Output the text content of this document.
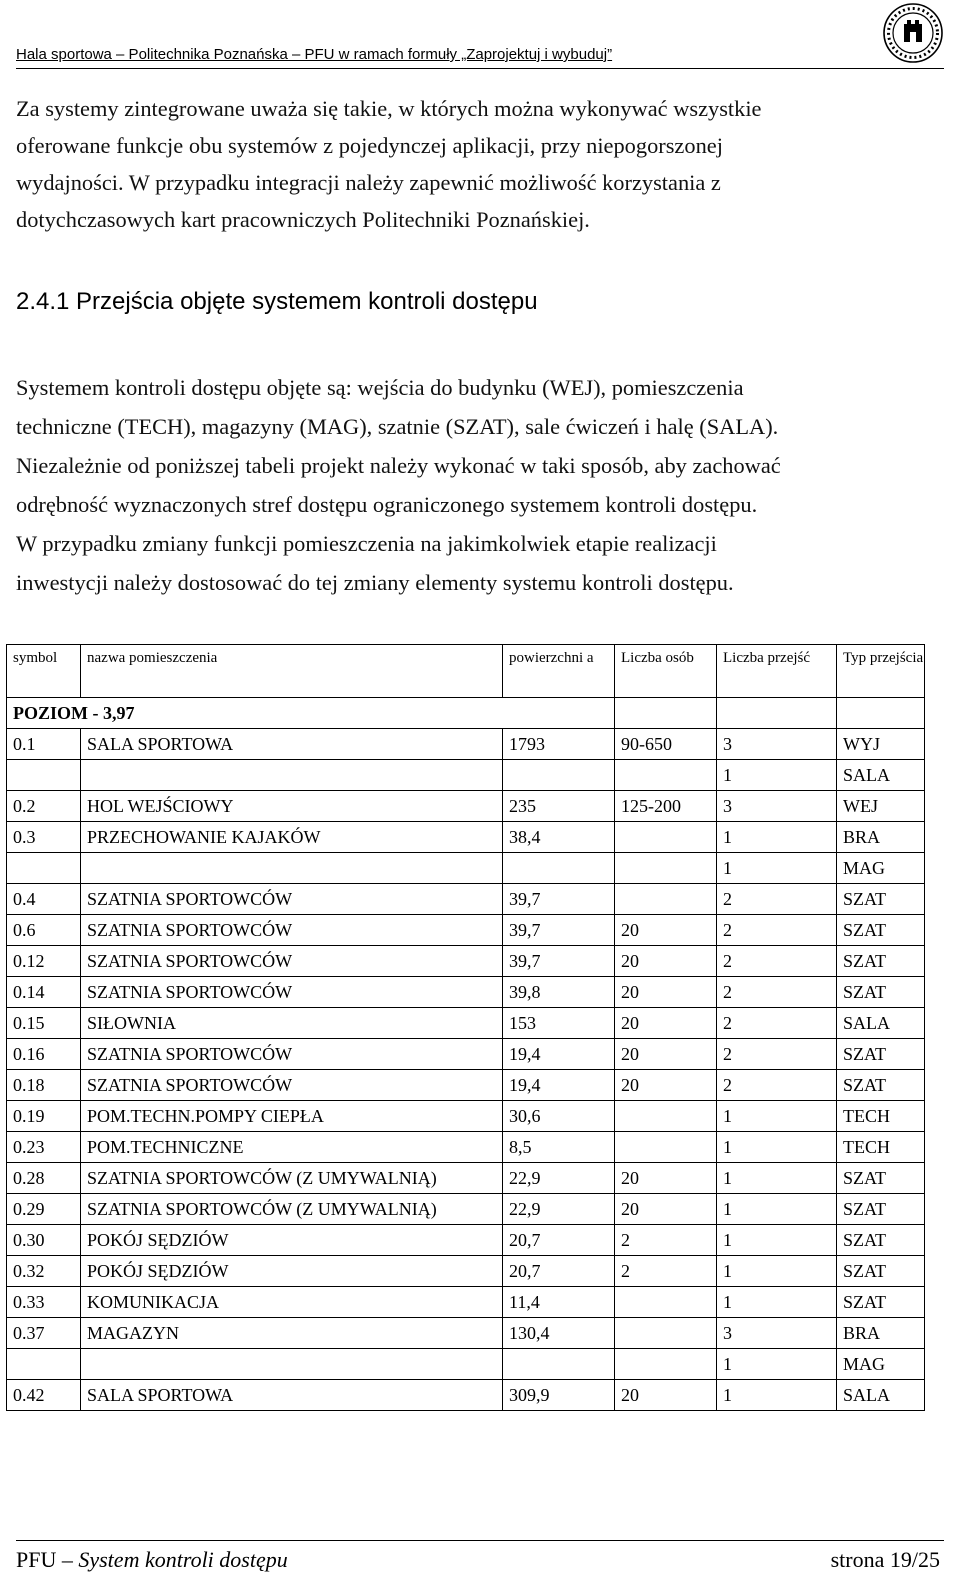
Hala sportowa – Politechnika Poznańska – PFU w ramach formuły „Zaprojektuj i wybuduj”
Za systemy zintegrowane uważa się takie, w których można wykonywać wszystkie
oferowane funkcje obu systemów z pojedynczej aplikacji, przy niepogorszonej
wydajności. W przypadku integracji należy zapewnić możliwość korzystania z
dotychczasowych kart pracowniczych Politechniki Poznańskiej.
2.4.1 Przejścia objęte systemem kontroli dostępu
Systemem kontroli dostępu objęte są: wejścia do budynku (WEJ), pomieszczenia
techniczne (TECH), magazyny (MAG), szatnie (SZAT), sale ćwiczeń i halę (SALA).
Niezależnie od poniższej tabeli projekt należy wykonać w taki sposób, aby zachować
odrębność wyznaczonych stref dostępu ograniczonego systemem kontroli dostępu.
W przypadku zmiany funkcji pomieszczenia na jakimkolwiek etapie realizacji
inwestycji należy dostosować do tej zmiany elementy systemu kontroli dostępu.
symbol	nazwa pomieszczenia	powierzchni a	Liczba osób	Liczba przejść	Typ przejścia
POZIOM - 3,97					
0.1	SALA SPORTOWA	1793	90-650	3	WYJ
				1	SALA
0.2	HOL WEJŚCIOWY	235	125-200	3	WEJ
0.3	PRZECHOWANIE KAJAKÓW	38,4		1	BRA
				1	MAG
0.4	SZATNIA SPORTOWCÓW	39,7		2	SZAT
0.6	SZATNIA SPORTOWCÓW	39,7	20	2	SZAT
0.12	SZATNIA SPORTOWCÓW	39,7	20	2	SZAT
0.14	SZATNIA SPORTOWCÓW	39,8	20	2	SZAT
0.15	SIŁOWNIA	153	20	2	SALA
0.16	SZATNIA SPORTOWCÓW	19,4	20	2	SZAT
0.18	SZATNIA SPORTOWCÓW	19,4	20	2	SZAT
0.19	POM.TECHN.POMPY CIEPŁA	30,6		1	TECH
0.23	POM.TECHNICZNE	8,5		1	TECH
0.28	SZATNIA SPORTOWCÓW (Z UMYWALNIĄ)	22,9	20	1	SZAT
0.29	SZATNIA SPORTOWCÓW (Z UMYWALNIĄ)	22,9	20	1	SZAT
0.30	POKÓJ SĘDZIÓW	20,7	2	1	SZAT
0.32	POKÓJ SĘDZIÓW	20,7	2	1	SZAT
0.33	KOMUNIKACJA	11,4		1	SZAT
0.37	MAGAZYN	130,4		3	BRA
				1	MAG
0.42	SALA SPORTOWA	309,9	20	1	SALA
PFU – System kontroli dostępu	strona 19/25
